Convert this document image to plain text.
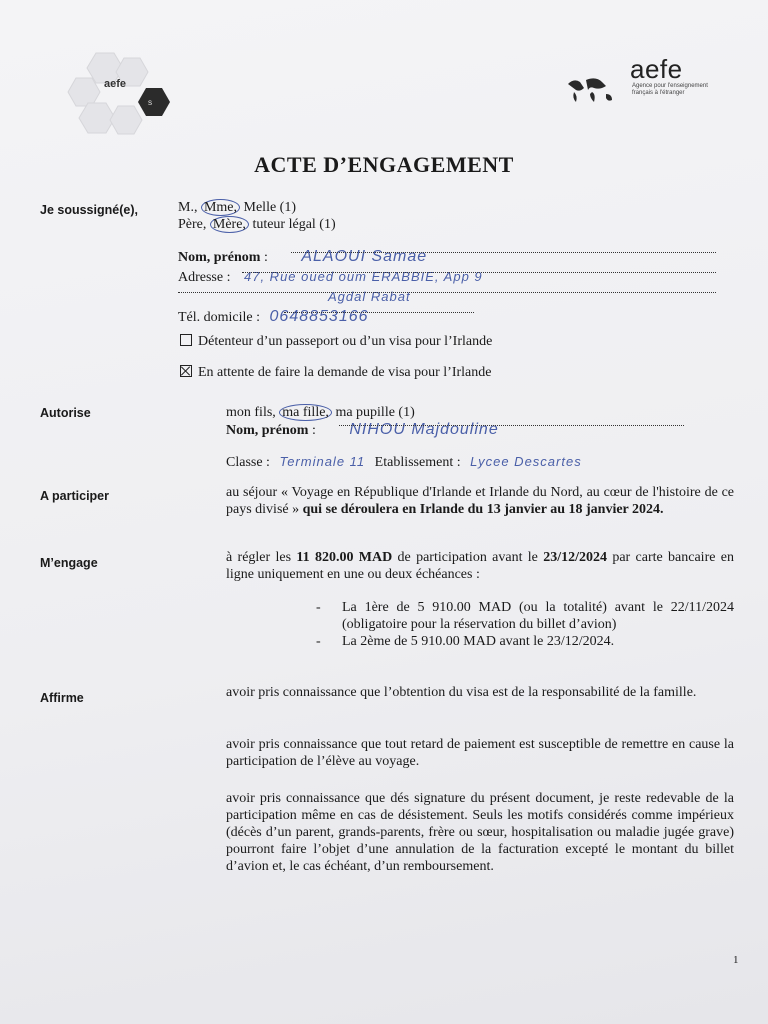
S
aefe	aefe
Agence pour l'enseignement français à l'étranger
ACTE D’ENGAGEMENT
Je soussigné(e),	M., Mme, Melle (1)
Père, Mère, tuteur légal (1)
Nom, prénom : ALAOUI Samae
Adresse : 47, Rue oued oum ERABBIE, App 9
Agdal Rabat
Tél. domicile : 0648853166
Détenteur d’un passeport ou d’un visa pour l’Irlande
En attente de faire la demande de visa pour l’Irlande
Autorise	mon fils, ma fille, ma pupille (1)
Nom, prénom : NIHOU Majdouline
Classe : Terminale 11 Etablissement : Lycee Descartes
A participer	au séjour « Voyage en République d'Irlande et Irlande du Nord, au cœur de l'histoire de ce pays divisé » qui se déroulera en Irlande du 13 janvier au 18 janvier 2024.
M’engage	à régler les 11 820.00 MAD de participation avant le 23/12/2024 par carte bancaire en ligne uniquement en une ou deux échéances :
- La 1ère de 5 910.00 MAD (ou la totalité) avant le 22/11/2024 (obligatoire pour la réservation du billet d’avion)
- La 2ème de 5 910.00 MAD avant le 23/12/2024.
Affirme	avoir pris connaissance que l’obtention du visa est de la responsabilité de la famille.
avoir pris connaissance que tout retard de paiement est susceptible de remettre en cause la participation de l’élève au voyage.
avoir pris connaissance que dés signature du présent document, je reste redevable de la participation même en cas de désistement. Seuls les motifs considérés comme impérieux (décès d’un parent, grands-parents, frère ou sœur, hospitalisation ou maladie jugée grave) pourront faire l’objet d’une annulation de la facturation excepté le montant du billet d’avion et, le cas échéant, d’un remboursement.
1
